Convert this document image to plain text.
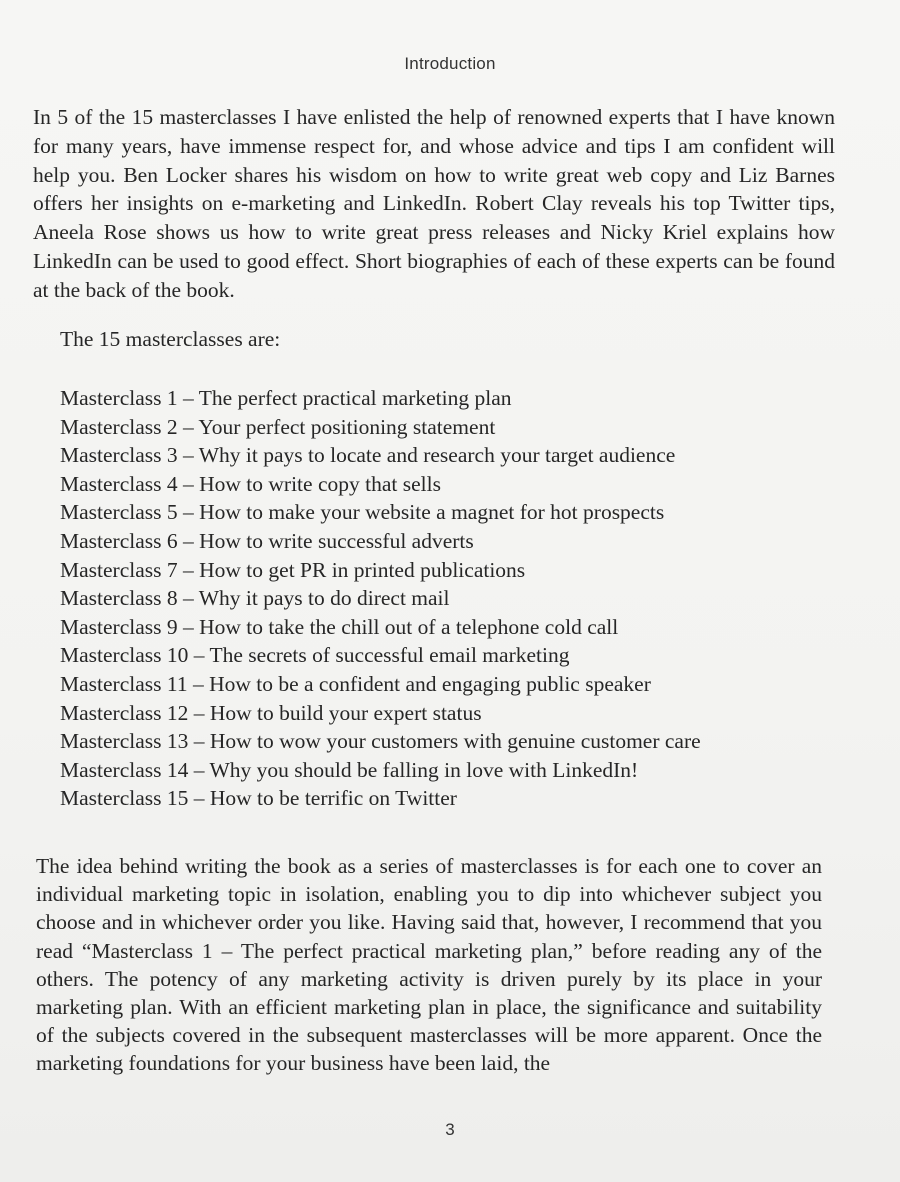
Introduction

In 5 of the 15 masterclasses I have enlisted the help of renowned experts that I have known for many years, have immense respect for, and whose advice and tips I am confident will help you. Ben Locker shares his wisdom on how to write great web copy and Liz Barnes offers her insights on e-marketing and LinkedIn. Robert Clay reveals his top Twitter tips, Aneela Rose shows us how to write great press releases and Nicky Kriel explains how LinkedIn can be used to good effect. Short biographies of each of these experts can be found at the back of the book.

The 15 masterclasses are:
Masterclass 1 – The perfect practical marketing plan
Masterclass 2 – Your perfect positioning statement
Masterclass 3 – Why it pays to locate and research your target audience
Masterclass 4 – How to write copy that sells
Masterclass 5 – How to make your website a magnet for hot prospects
Masterclass 6 – How to write successful adverts
Masterclass 7 – How to get PR in printed publications
Masterclass 8 – Why it pays to do direct mail
Masterclass 9 – How to take the chill out of a telephone cold call
Masterclass 10 – The secrets of successful email marketing
Masterclass 11 – How to be a confident and engaging public speaker
Masterclass 12 – How to build your expert status
Masterclass 13 – How to wow your customers with genuine customer care
Masterclass 14 – Why you should be falling in love with LinkedIn!
Masterclass 15 – How to be terrific on Twitter

The idea behind writing the book as a series of masterclasses is for each one to cover an individual marketing topic in isolation, enabling you to dip into whichever subject you choose and in whichever order you like. Having said that, however, I recommend that you read “Masterclass 1 – The perfect practical marketing plan,” before reading any of the others. The potency of any marketing activity is driven purely by its place in your marketing plan. With an efficient marketing plan in place, the significance and suitability of the subjects covered in the subsequent masterclasses will be more apparent. Once the marketing foundations for your business have been laid, the

3
